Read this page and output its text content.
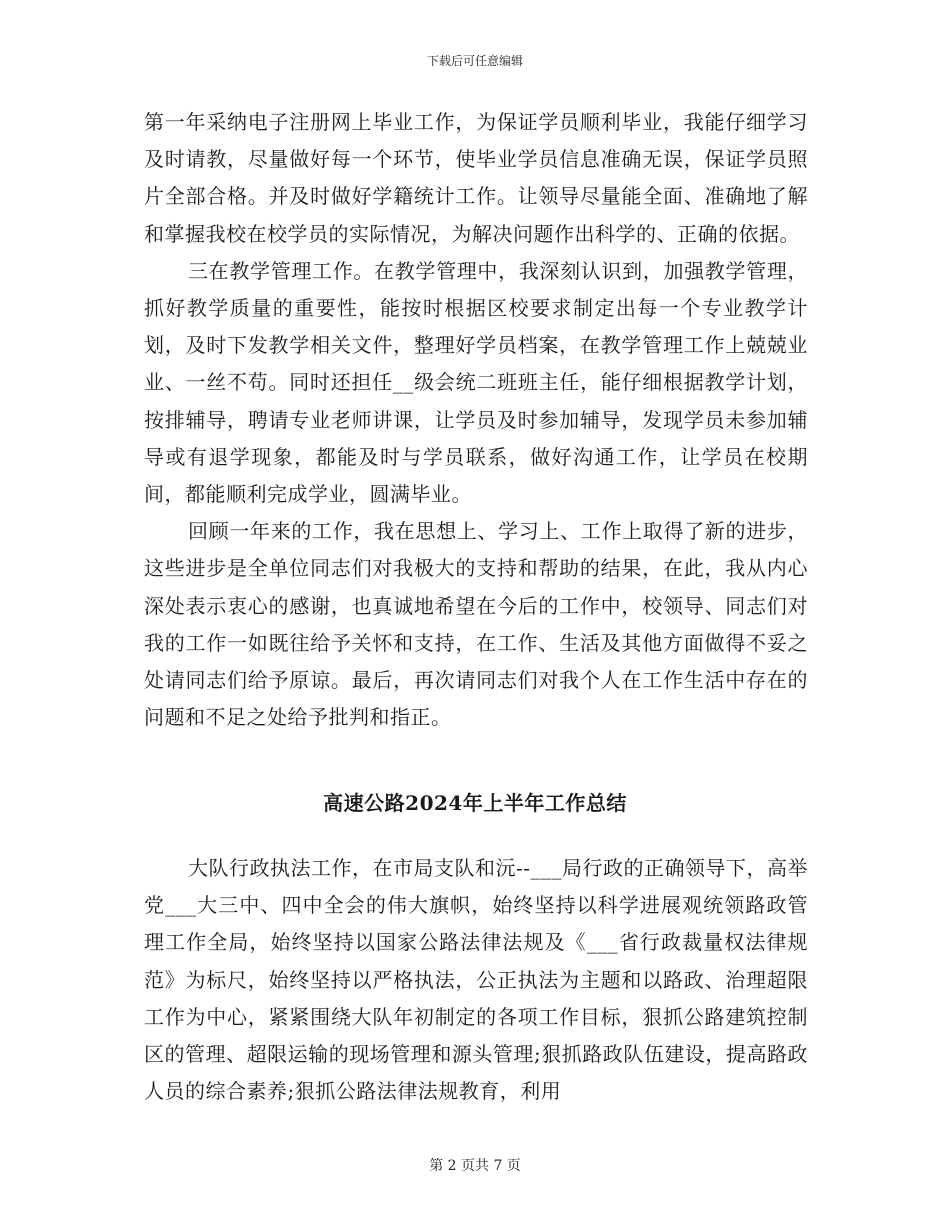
下载后可任意编辑

第一年采纳电子注册网上毕业工作，为保证学员顺利毕业，我能仔细学习及时请教，尽量做好每一个环节，使毕业学员信息准确无误，保证学员照片全部合格。并及时做好学籍统计工作。让领导尽量能全面、准确地了解和掌握我校在校学员的实际情况，为解决问题作出科学的、正确的依据。

三在教学管理工作。在教学管理中，我深刻认识到，加强教学管理，抓好教学质量的重要性，能按时根据区校要求制定出每一个专业教学计划，及时下发教学相关文件，整理好学员档案，在教学管理工作上兢兢业业、一丝不苟。同时还担任__级会统二班班主任，能仔细根据教学计划，按排辅导，聘请专业老师讲课，让学员及时参加辅导，发现学员未参加辅导或有退学现象，都能及时与学员联系，做好沟通工作，让学员在校期间，都能顺利完成学业，圆满毕业。

回顾一年来的工作，我在思想上、学习上、工作上取得了新的进步，这些进步是全单位同志们对我极大的支持和帮助的结果，在此，我从内心深处表示衷心的感谢，也真诚地希望在今后的工作中，校领导、同志们对我的工作一如既往给予关怀和支持，在工作、生活及其他方面做得不妥之处请同志们给予原谅。最后，再次请同志们对我个人在工作生活中存在的问题和不足之处给予批判和指正。

高速公路2024年上半年工作总结

大队行政执法工作，在市局支队和沅--___局行政的正确领导下，高举党___大三中、四中全会的伟大旗帜，始终坚持以科学进展观统领路政管理工作全局，始终坚持以国家公路法律法规及《___省行政裁量权法律规范》为标尺，始终坚持以严格执法，公正执法为主题和以路政、治理超限工作为中心，紧紧围绕大队年初制定的各项工作目标，狠抓公路建筑控制区的管理、超限运输的现场管理和源头管理;狠抓路政队伍建设，提高路政人员的综合素养;狠抓公路法律法规教育，利用

第 2 页共 7 页
